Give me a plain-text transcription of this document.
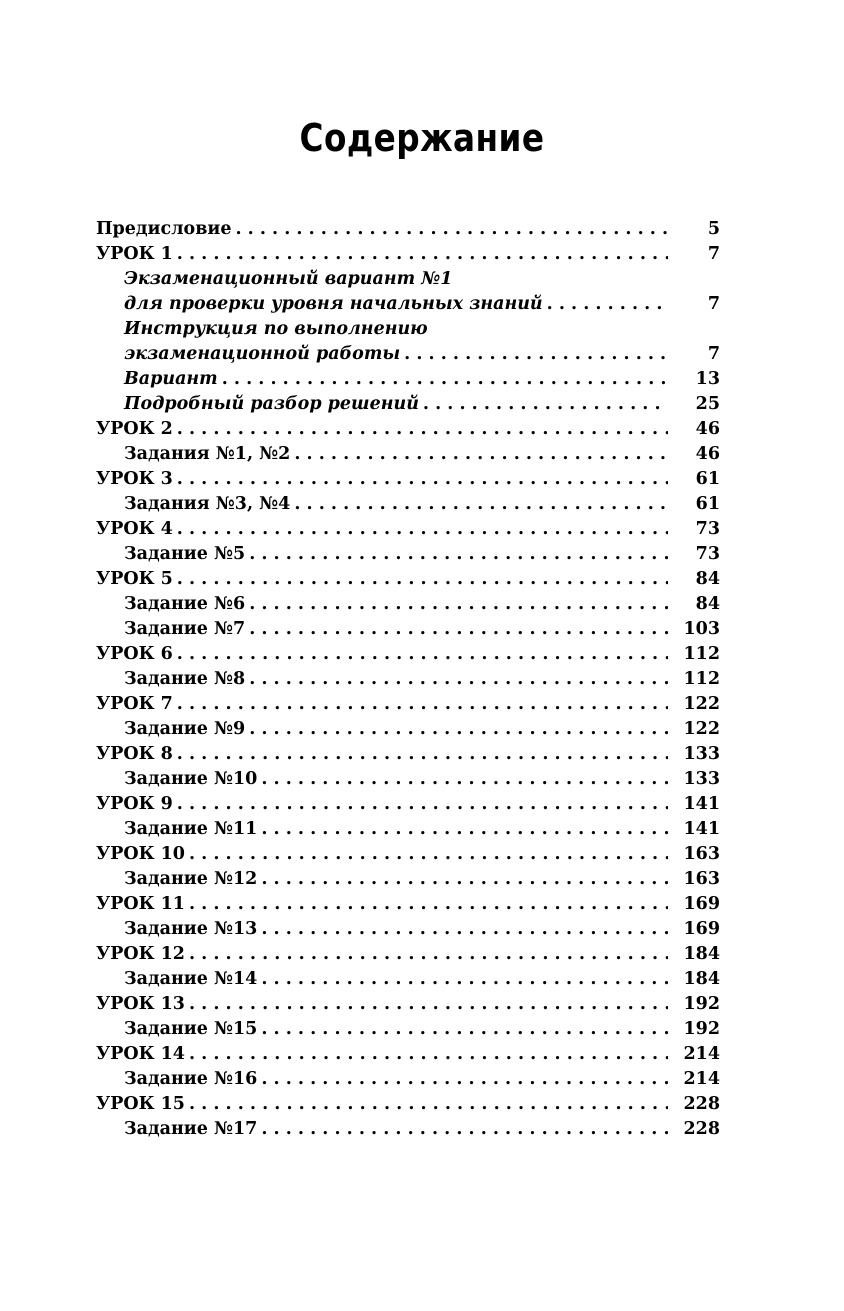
Содержание
Предисловие . . .	5
УРОК 1 . . .	7
Экзаменационный вариант №1
для проверки уровня начальных знаний . . .	7
Инструкция по выполнению
экзаменационной работы . . .	7
Вариант . . .	13
Подробный разбор решений . . .	25
УРОК 2 . . .	46
Задания №1, №2 . . .	46
УРОК 3 . . .	61
Задания №3, №4 . . .	61
УРОК 4 . . .	73
Задание №5 . . .	73
УРОК 5 . . .	84
Задание №6 . . .	84
Задание №7 . . .	103
УРОК 6 . . .	112
Задание №8 . . .	112
УРОК 7 . . .	122
Задание №9 . . .	122
УРОК 8 . . .	133
Задание №10 . . .	133
УРОК 9 . . .	141
Задание №11 . . .	141
УРОК 10 . . .	163
Задание №12 . . .	163
УРОК 11 . . .	169
Задание №13 . . .	169
УРОК 12 . . .	184
Задание №14 . . .	184
УРОК 13 . . .	192
Задание №15 . . .	192
УРОК 14 . . .	214
Задание №16 . . .	214
УРОК 15 . . .	228
Задание №17 . . .	228
